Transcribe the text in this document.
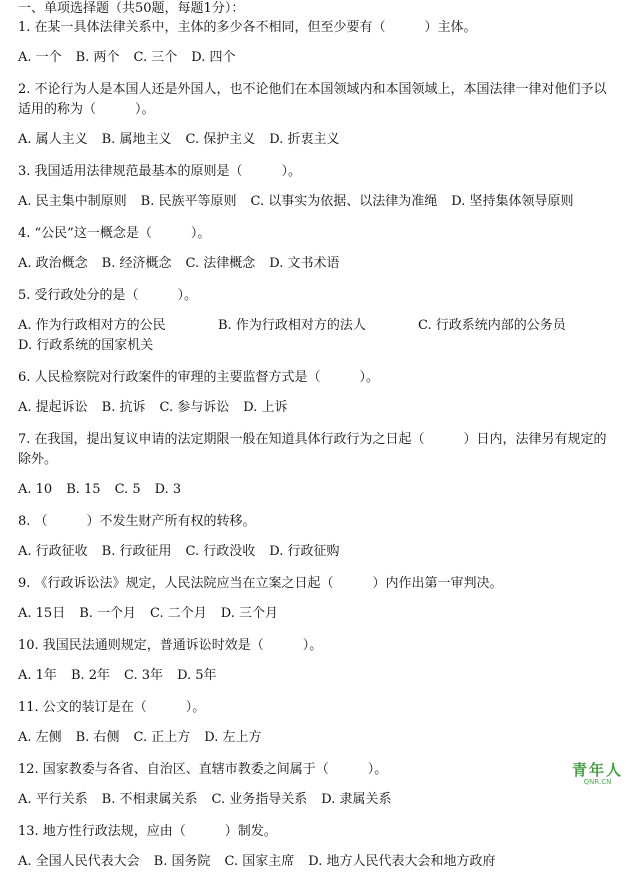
一、单项选择题（共50题，每题1分）：

1. 在某一具体法律关系中，主体的多少各不相同，但至少要有（　　　）主体。

A. 一个 B. 两个 C. 三个 D. 四个

2. 不论行为人是本国人还是外国人，也不论他们在本国领域内和本国领域上，本国法律一律对他们予以适用的称为（　　　）。

A. 属人主义 B. 属地主义 C. 保护主义 D. 折衷主义

3. 我国适用法律规范最基本的原则是（　　　）。

A. 民主集中制原则 B. 民族平等原则 C. 以事实为依据、以法律为准绳 D. 坚持集体领导原则

4. “公民”这一概念是（　　　）。

A. 政治概念 B. 经济概念 C. 法律概念 D. 文书术语

5. 受行政处分的是（　　　）。

A. 作为行政相对方的公民	B. 作为行政相对方的法人	C. 行政系统内部的公务员
D. 行政系统的国家机关

6. 人民检察院对行政案件的审理的主要监督方式是（　　　）。

A. 提起诉讼 B. 抗诉 C. 参与诉讼 D. 上诉

7. 在我国，提出复议申请的法定期限一般在知道具体行政行为之日起（　　　）日内，法律另有规定的除外。

A. 10 B. 15 C. 5 D. 3

8. （　　　）不发生财产所有权的转移。

A. 行政征收 B. 行政征用 C. 行政没收 D. 行政征购

9. 《行政诉讼法》规定，人民法院应当在立案之日起（　　　）内作出第一审判决。

A. 15日 B. 一个月 C. 二个月 D. 三个月

10. 我国民法通则规定，普通诉讼时效是（　　　）。

A. 1年 B. 2年 C. 3年 D. 5年

11. 公文的装订是在（　　　）。

A. 左侧 B. 右侧 C. 正上方 D. 左上方

12. 国家教委与各省、自治区、直辖市教委之间属于（　　　）。

A. 平行关系 B. 不相隶属关系 C. 业务指导关系 D. 隶属关系

13. 地方性行政法规，应由（　　　）制发。

A. 全国人民代表大会 B. 国务院 C. 国家主席 D. 地方人民代表大会和地方政府
青年人
QNR.CN
